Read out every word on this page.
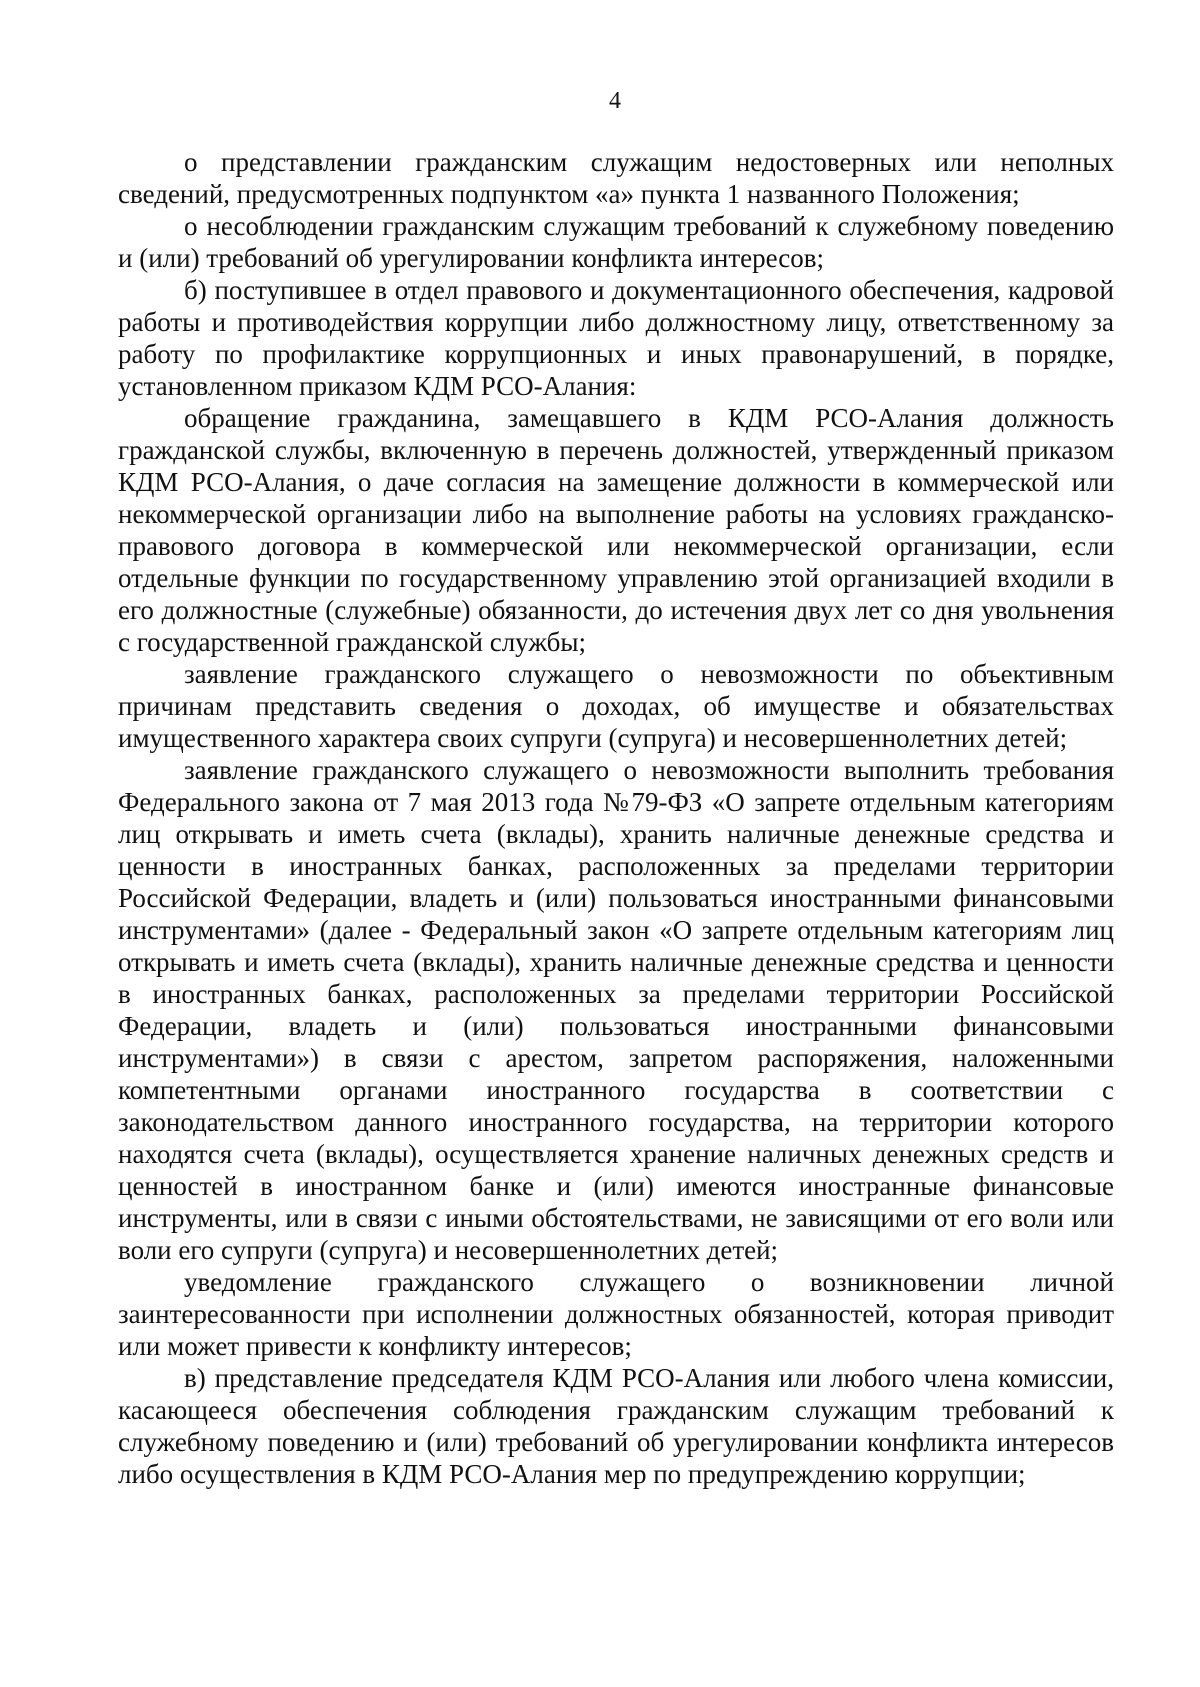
4

о представлении гражданским служащим недостоверных или неполных сведений, предусмотренных подпунктом «а» пункта 1 названного Положения;

о несоблюдении гражданским служащим требований к служебному поведению и (или) требований об урегулировании конфликта интересов;

б) поступившее в отдел правового и документационного обеспечения, кадровой работы и противодействия коррупции либо должностному лицу, ответственному за работу по профилактике коррупционных и иных правонарушений, в порядке, установленном приказом КДМ РСО-Алания:

обращение гражданина, замещавшего в КДМ РСО-Алания должность гражданской службы, включенную в перечень должностей, утвержденный приказом КДМ РСО-Алания, о даче согласия на замещение должности в коммерческой или некоммерческой организации либо на выполнение работы на условиях гражданско-правового договора в коммерческой или некоммерческой организации, если отдельные функции по государственному управлению этой организацией входили в его должностные (служебные) обязанности, до истечения двух лет со дня увольнения с государственной гражданской службы;

заявление гражданского служащего о невозможности по объективным причинам представить сведения о доходах, об имуществе и обязательствах имущественного характера своих супруги (супруга) и несовершеннолетних детей;

заявление гражданского служащего о невозможности выполнить требования Федерального закона от 7 мая 2013 года №79-ФЗ «О запрете отдельным категориям лиц открывать и иметь счета (вклады), хранить наличные денежные средства и ценности в иностранных банках, расположенных за пределами территории Российской Федерации, владеть и (или) пользоваться иностранными финансовыми инструментами» (далее - Федеральный закон «О запрете отдельным категориям лиц открывать и иметь счета (вклады), хранить наличные денежные средства и ценности в иностранных банках, расположенных за пределами территории Российской Федерации, владеть и (или) пользоваться иностранными финансовыми инструментами») в связи с арестом, запретом распоряжения, наложенными компетентными органами иностранного государства в соответствии с законодательством данного иностранного государства, на территории которого находятся счета (вклады), осуществляется хранение наличных денежных средств и ценностей в иностранном банке и (или) имеются иностранные финансовые инструменты, или в связи с иными обстоятельствами, не зависящими от его воли или воли его супруги (супруга) и несовершеннолетних детей;

уведомление гражданского служащего о возникновении личной заинтересованности при исполнении должностных обязанностей, которая приводит или может привести к конфликту интересов;

в) представление председателя КДМ РСО-Алания или любого члена комиссии, касающееся обеспечения соблюдения гражданским служащим требований к служебному поведению и (или) требований об урегулировании конфликта интересов либо осуществления в КДМ РСО-Алания мер по предупреждению коррупции;
